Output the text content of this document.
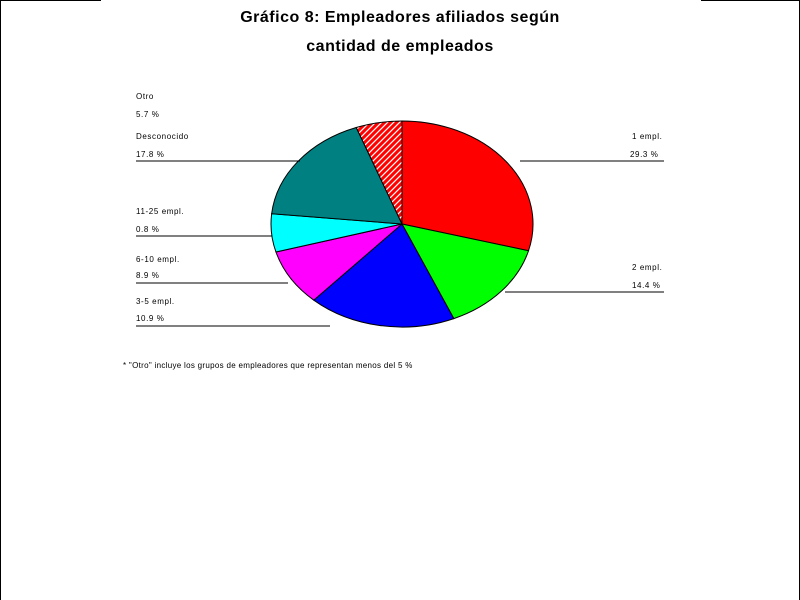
Gráfico 8: Empleadores afiliados según
cantidad de empleados
Otro
5.7 %
Desconocido
17.8 %
11-25 empl.
0.8 %
6-10 empl.
8.9 %
3-5 empl.
10.9 %
1 empl.
29.3 %
2 empl.
14.4 %
* "Otro" incluye los grupos de empleadores que representan menos del 5 %
